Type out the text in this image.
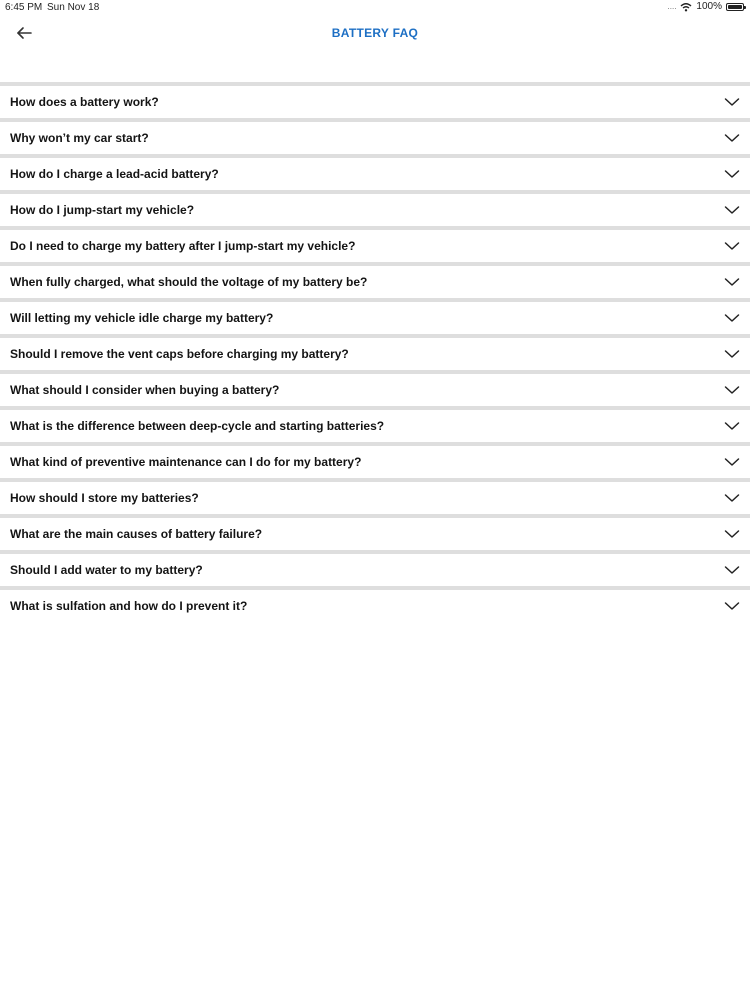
6:45 PM Sun Nov 18	.... 100%
BATTERY FAQ
How does a battery work?
Why won’t my car start?
How do I charge a lead-acid battery?
How do I jump-start my vehicle?
Do I need to charge my battery after I jump-start my vehicle?
When fully charged, what should the voltage of my battery be?
Will letting my vehicle idle charge my battery?
Should I remove the vent caps before charging my battery?
What should I consider when buying a battery?
What is the difference between deep-cycle and starting batteries?
What kind of preventive maintenance can I do for my battery?
How should I store my batteries?
What are the main causes of battery failure?
Should I add water to my battery?
What is sulfation and how do I prevent it?
